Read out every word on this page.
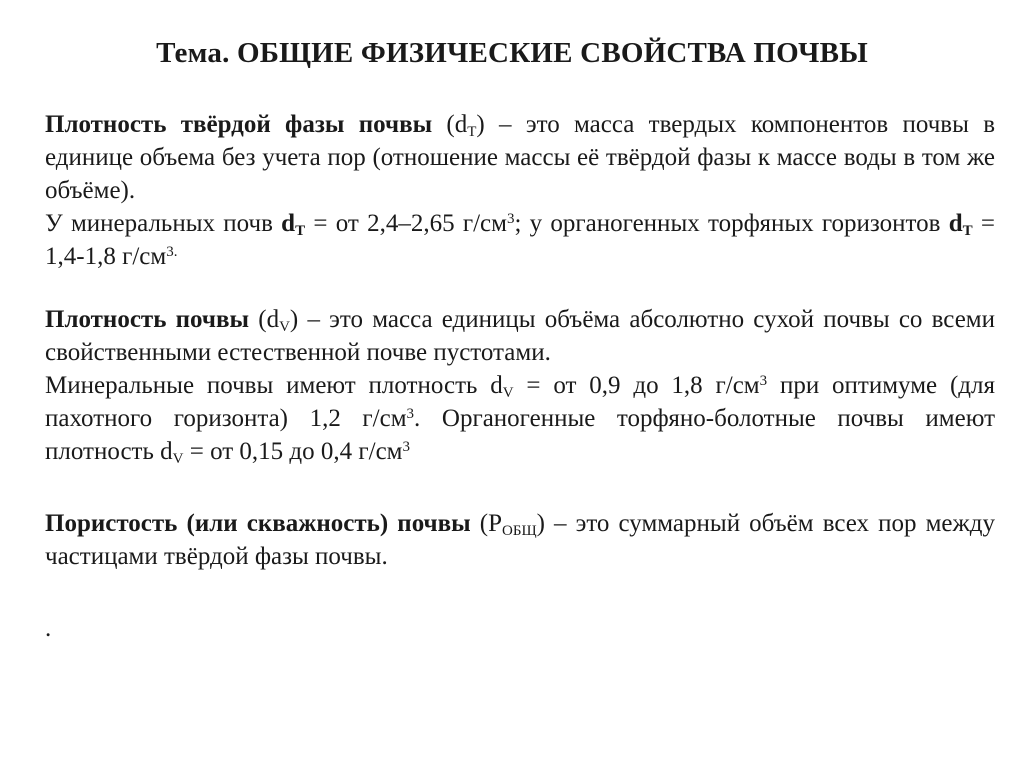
Тема. ОБЩИЕ ФИЗИЧЕСКИЕ СВОЙСТВА ПОЧВЫ
Плотность твёрдой фазы почвы $(d_T)$ – это масса твердых компонентов почвы в единице объема без учета пор (отношение массы её твёрдой фазы к массе воды в том же объёме).
У минеральных почв $d_T$ = от 2,4–2,65 $г/см^3$; у органогенных торфяных горизонтов $d_T = 1,4-1,8$ $г/см^{3.}$
Плотность почвы $(d_V)$ – это масса единицы объёма абсолютно сухой почвы со всеми свойственными естественной почве пустотами.
Минеральные почвы имеют плотность $d_V$ = от 0,9 до 1,8 $г/см^3$ при оптимуме (для пахотного горизонта) 1,2 $г/см^3$. Органогенные торфяно-болотные почвы имеют плотность $d_V$ = от 0,15 до 0,4 $г/см^3$
Пористость (или скважность) почвы $(P_{ОБЩ})$ – это суммарный объём всех пор между частицами твёрдой фазы почвы.
.
